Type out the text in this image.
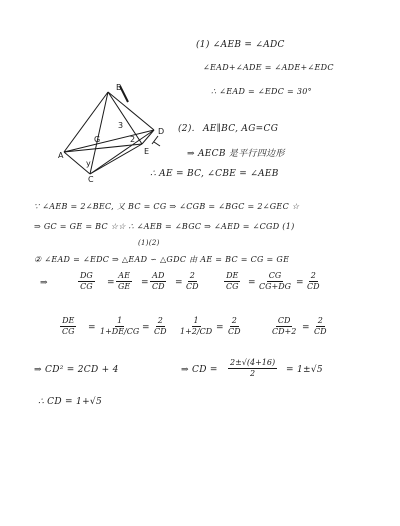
(1) ∠AEB = ∠ADC
∠EAD+∠ADE = ∠ADE+∠EDC
∴ ∠EAD = ∠EDC = 30°
B
A
C
D
E
G
y
3
2
(2). AE∥BC, AG=CG
⇒ AECB 是平行四边形
∴ AE = BC, ∠CBE = ∠AEB
∵ ∠AEB = 2∠BEC, 又 BC = CG ⇒ ∠CGB = ∠BGC = 2∠GEC ☆
⇒ GC = GE = BC ☆☆ ∴ ∠AEB = ∠BGC ⇒ ∠AED = ∠CGD (1)
(1)(2)
② ∠EAD = ∠EDC ⇒ △EAD ∽ △GDC 由 AE = BC = CG = GE
⇒	$\frac{DG}{CG} = \frac{AE}{GE} = \frac{AD}{CD} = \frac{2}{CD}$	$\frac{DE}{CG} = \frac{CG}{CG+DG} = \frac{2}{CD}$
$\frac{DE}{CG} = \frac{1}{1+DE/CG} = \frac{2}{CD} \frac{1}{1+2/CD} = \frac{2}{CD}$	$\frac{CD}{CD+2} = \frac{2}{CD}$
⇒ CD² = 2CD + 4	⇒ CD = $\frac{2\pm√(4+16)}{2} = 1\pm√5$
∴ CD = 1+√5
